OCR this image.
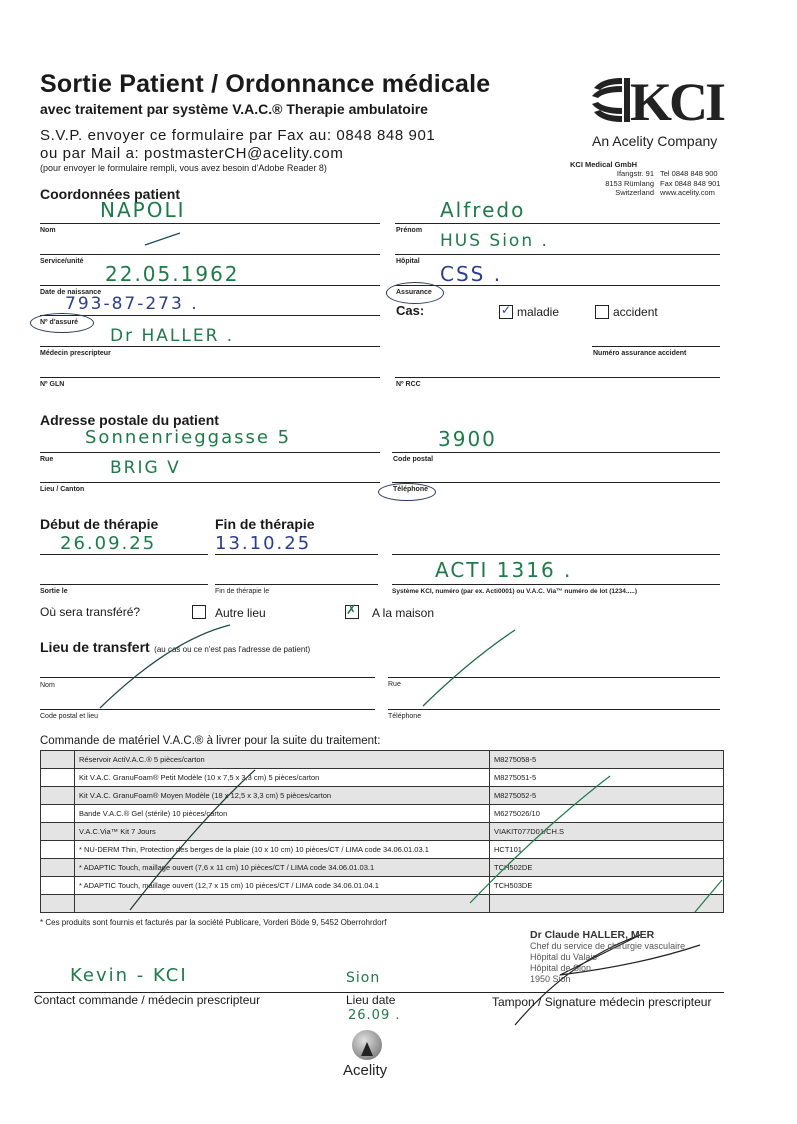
Sortie Patient / Ordonnance médicale
avec traitement par système V.A.C.® Therapie ambulatoire
S.V.P. envoyer ce formulaire par Fax au: 0848 848 901
ou par Mail a: postmasterCH@acelity.com
(pour envoyer le formulaire rempli, vous avez besoin d'Adobe Reader 8)
KCI
An Acelity Company
KCI Medical GmbH
Ifangstr. 91
8153 Rümlang
Switzerland
Tel 0848 848 900
Fax 0848 848 901
www.acelity.com
Coordonnées patient
NAPOLI
Nom
Service/unité
22.05.1962
Date de naissance
793-87-273 .
Nº d'assuré
Dr HALLER .
Médecin prescripteur
Nº GLN
Alfredo
Prénom
HUS Sion .
Hôpital
CSS .
Assurance
Cas:	✓ maladie	accident
Numéro assurance accident
Nº RCC
Adresse postale du patient
Sonnenrieggasse 5
Rue	BRIG V
Lieu / Canton
3900
Code postal
Téléphone
Début de thérapie	Fin de thérapie
26.09.25	13.10.25
Sortie le	Fin de thérapie le
ACTI 1316 .
Système KCI, numéro (par ex. Acti0001) ou V.A.C. Via™ numéro de lot (1234.....)
Où sera transféré?	Autre lieu	✗ A la maison
Lieu de transfert (au cas ou ce n'est pas l'adresse de patient)
Nom
Code postal et lieu
Rue
Téléphone
Commande de matériel V.A.C.® à livrer pour la suite du traitement:
	Réservoir ActiV.A.C.® 5 pièces/carton	M8275058-5
	Kit V.A.C. GranuFoam® Petit Modèle (10 x 7,5 x 3,3 cm) 5 pièces/carton	M8275051-5
	Kit V.A.C. GranuFoam® Moyen Modèle (18 x 12,5 x 3,3 cm) 5 pièces/carton	M8275052-5
	Bande V.A.C.® Gel (stérile) 10 pièces/carton	M6275026/10
	V.A.C.Via™ Kit 7 Jours	VIAKIT077D01/CH.S
	* NU-DERM Thin, Protection des berges de la plaie (10 x 10 cm) 10 pièces/CT / LIMA code 34.06.01.03.1	HCT101
	* ADAPTIC Touch, maillage ouvert (7,6 x 11 cm) 10 pièces/CT / LIMA code 34.06.01.03.1	TCH502DE
	* ADAPTIC Touch, maillage ouvert (12,7 x 15 cm) 10 pièces/CT / LIMA code 34.06.01.04.1	TCH503DE

* Ces produits sont fournis et facturés par la société Publicare, Vorderi Böde 9, 5452 Oberrohrdorf
Kevin - KCI
Contact commande / médecin prescripteur
Sion
Lieu date
26.09 .
Tampon / Signature médecin prescripteur
Dr Claude HALLER, MER
Chef du service de chirurgie vasculaire
Hôpital du Valais
Hôpital de Sion
1950 Sion
Acelity
